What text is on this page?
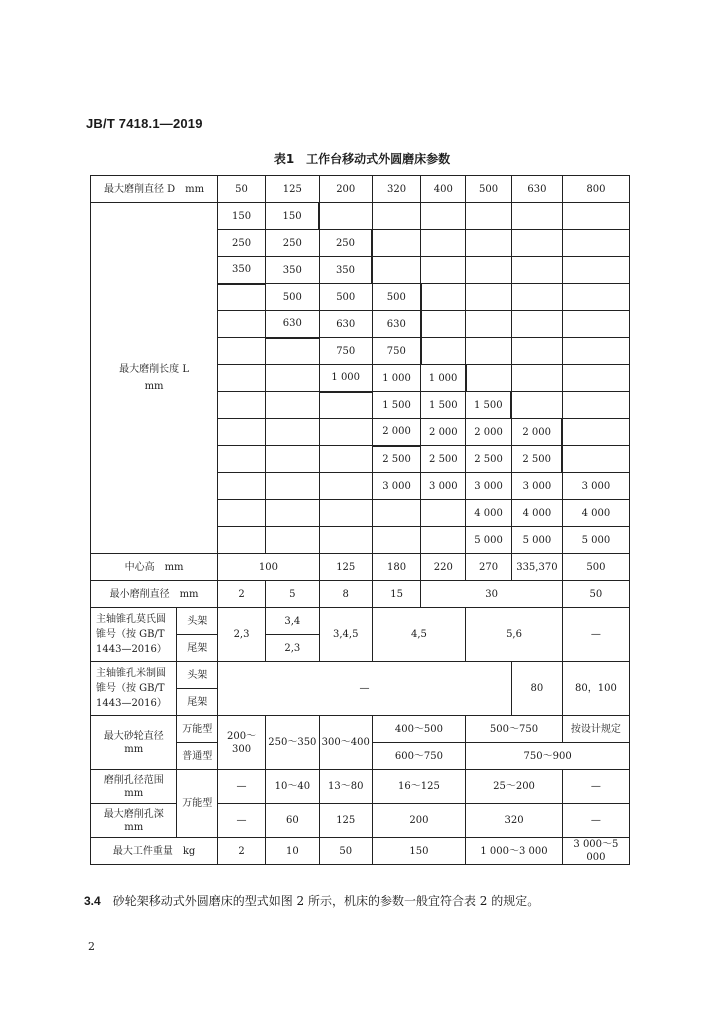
JB/T 7418.1—2019
表1　工作台移动式外圆磨床参数
最大磨削直径 D　mm		50	125	200	320	400	500	630	800

最大磨削长度 L
mm		150	150						
		250	250	250					
		350	350	350					
			500	500	500				
			630	630	630				
				750	750				
				1 000	1 000	1 000			
					1 500	1 500	1 500		
					2 000	2 000	2 000	2 000	
					2 500	2 500	2 500	2 500	
					3 000	3 000	3 000	3 000	3 000
							4 000	4 000	4 000
							5 000	5 000	5 000
中心高　mm		100		125	180	220	270	335,370	500
最小磨削直径　mm		2	5	8	15	30			50

主轴锥孔莫氏圆
锥号（按 GB/T
1443—2016）	头架	2,3	3,4	3,4,5	4,5		5,6		—
	尾架		2,3						

主轴锥孔米制圆
锥号（按 GB/T
1443—2016）	头架	—						80	80，100
	尾架								

最大砂轮直径
mm	万能型	200～300	250～350	300～400	400～500		500～750		按设计规定
	普通型				600～750		750～900		

磨削孔径范围
mm	万能型	—	10～40	13～80	16～125		25～200		—

最大磨削孔深
mm		—	60	125	200		320		—
最大工件重量　kg		2	10	50	150		1 000～3 000		3 000～5 000
3.4 砂轮架移动式外圆磨床的型式如图 2 所示，机床的参数一般宜符合表 2 的规定。
2
